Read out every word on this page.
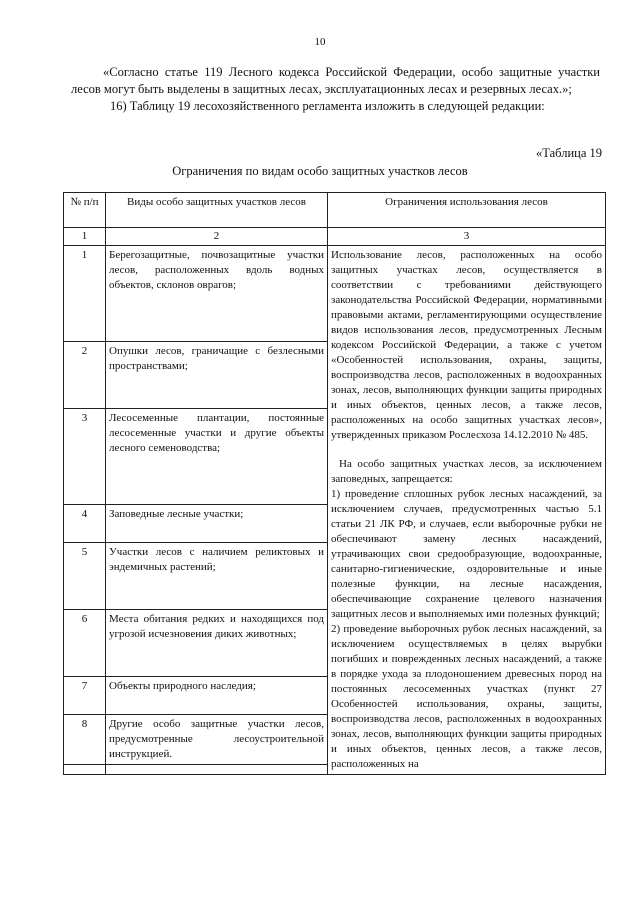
10

«Согласно статье 119 Лесного кодекса Российской Федерации, особо защитные участки лесов могут быть выделены в защитных лесах, эксплуатационных лесах и резервных лесах.»;

16) Таблицу 19 лесохозяйственного регламента изложить в следующей редакции:

«Таблица 19
Ограничения по видам особо защитных участков лесов
№ п/п	Виды особо защитных участков лесов	Ограничения использования лесов
1	2	3
1	Берегозащитные, почвозащитные участки лесов, расположенных вдоль водных объектов, склонов оврагов;	Использование лесов, расположенных на особо защитных участках лесов, осуществляется в соответствии с требованиями действующего законодательства Российской Федерации, нормативными правовыми актами, регламентирующими осуществление видов использования лесов, предусмотренных Лесным кодексом Российской Федерации, а также с учетом «Особенностей использования, охраны, защиты, воспроизводства лесов, расположенных в водоохранных зонах, лесов, выполняющих функции защиты природных и иных объектов, ценных лесов, а также лесов, расположенных на особо защитных участках лесов», утвержденных приказом Рослесхоза 14.12.2010 № 485.

На особо защитных участках лесов, за исключением заповедных, запрещается:

1) проведение сплошных рубок лесных насаждений, за исключением случаев, предусмотренных частью 5.1 статьи 21 ЛК РФ, и случаев, если выборочные рубки не обеспечивают замену лесных насаждений, утрачивающих свои средообразующие, водоохранные, санитарно-гигиенические, оздоровительные и иные полезные функции, на лесные насаждения, обеспечивающие сохранение целевого назначения защитных лесов и выполняемых ими полезных функций;

2) проведение выборочных рубок лесных насаждений, за исключением осуществляемых в целях вырубки погибших и поврежденных лесных насаждений, а также в порядке ухода за плодоношением древесных пород на постоянных лесосеменных участках (пункт 27 Особенностей использования, охраны, защиты, воспроизводства лесов, расположенных в водоохранных зонах, лесов, выполняющих функции защиты природных и иных объектов, ценных лесов, а также лесов, расположенных на

2	Опушки лесов, граничащие с безлесными пространствами;	
3	Лесосеменные плантации, постоянные лесосеменные участки и другие объекты лесного семеноводства;	
4	Заповедные лесные участки;	
5	Участки лесов с наличием реликтовых и эндемичных растений;	
6	Места обитания редких и находящихся под угрозой исчезновения диких животных;	
7	Объекты природного наследия;	
8	Другие особо защитные участки лесов, предусмотренные лесоустроительной инструкцией.	
